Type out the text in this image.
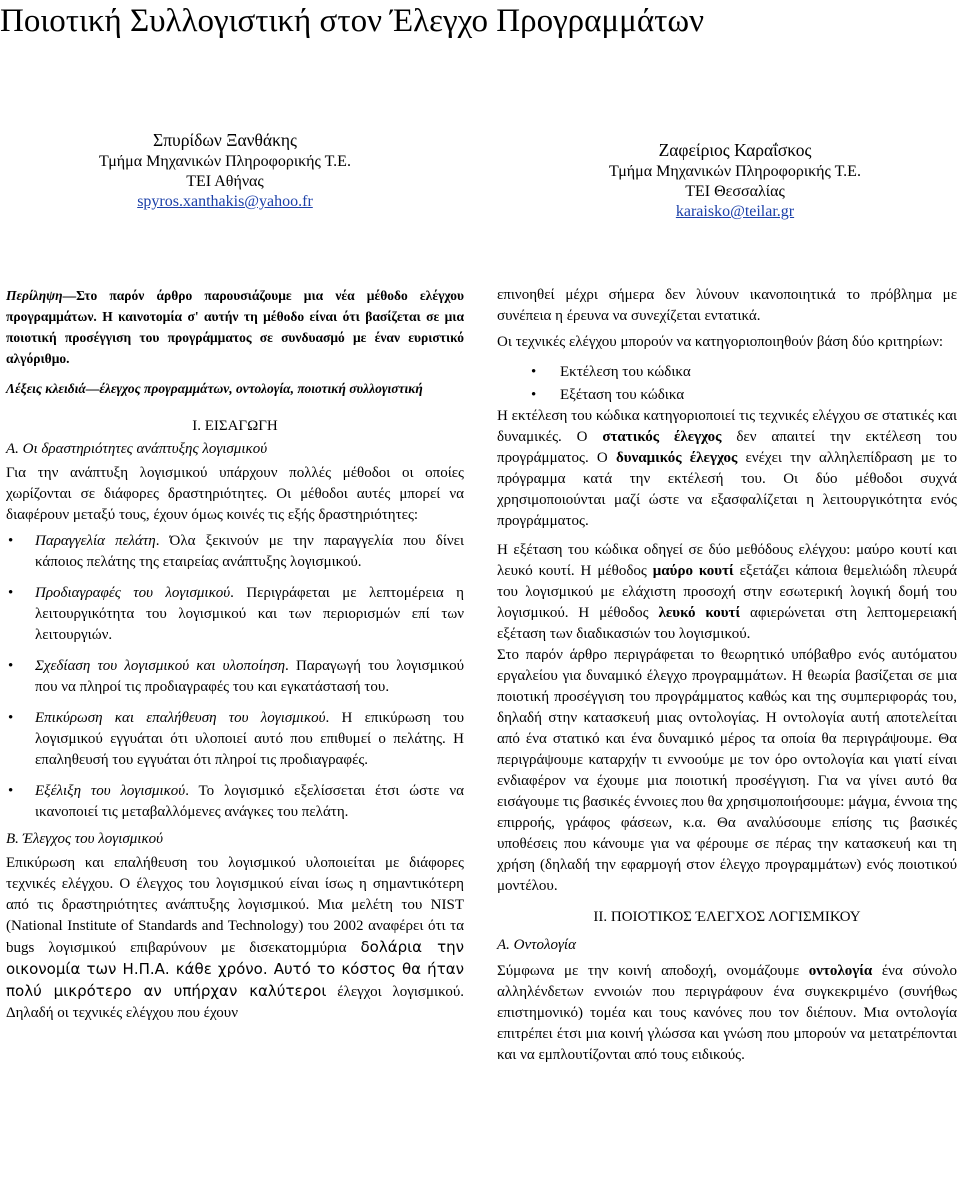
Ποιοτική Συλλογιστική στον Έλεγχο Προγραμμάτων
Σπυρίδων Ξανθάκης
Τμήμα Μηχανικών Πληροφορικής Τ.Ε.
ΤΕΙ Αθήνας
spyros.xanthakis@yahoo.fr
Ζαφείριος Καραΐσκος
Τμήμα Μηχανικών Πληροφορικής Τ.Ε.
ΤΕΙ Θεσσαλίας
karaisko@teilar.gr

Περίληψη—Στο παρόν άρθρο παρουσιάζουμε μια νέα μέθοδο ελέγχου προγραμμάτων. Η καινοτομία σ' αυτήν τη μέθοδο είναι ότι βασίζεται σε μια ποιοτική προσέγγιση του προγράμματος σε συνδυασμό με έναν ευριστικό αλγόριθμο.

Λέξεις κλειδιά—έλεγχος προγραμμάτων, οντολογία, ποιοτική συλλογιστική

I. ΕΙΣΑΓΩΓΗ

A. Οι δραστηριότητες ανάπτυξης λογισμικού

Για την ανάπτυξη λογισμικού υπάρχουν πολλές μέθοδοι οι οποίες χωρίζονται σε διάφορες δραστηριότητες. Οι μέθοδοι αυτές μπορεί να διαφέρουν μεταξύ τους, έχουν όμως κοινές τις εξής δραστηριότητες:

• Παραγγελία πελάτη. Όλα ξεκινούν με την παραγγελία που δίνει κάποιος πελάτης της εταιρείας ανάπτυξης λογισμικού.
• Προδιαγραφές του λογισμικού. Περιγράφεται με λεπτομέρεια η λειτουργικότητα του λογισμικού και των περιορισμών επί των λειτουργιών.
• Σχεδίαση του λογισμικού και υλοποίηση. Παραγωγή του λογισμικού που να πληροί τις προδιαγραφές του και εγκατάστασή του.
• Επικύρωση και επαλήθευση του λογισμικού. Η επικύρωση του λογισμικού εγγυάται ότι υλοποιεί αυτό που επιθυμεί ο πελάτης. Η επαληθευσή του εγγυάται ότι πληροί τις προδιαγραφές.
• Εξέλιξη του λογισμικού. Το λογισμικό εξελίσσεται έτσι ώστε να ικανοποιεί τις μεταβαλλόμενες ανάγκες του πελάτη.

B. Έλεγχος του λογισμικού

Επικύρωση και επαλήθευση του λογισμικού υλοποιείται με διάφορες τεχνικές ελέγχου. Ο έλεγχος του λογισμικού είναι ίσως η σημαντικότερη από τις δραστηριότητες ανάπτυξης λογισμικού. Μια μελέτη του NIST (National Institute of Standards and Technology) του 2002 αναφέρει ότι τα bugs λογισμικού επιβαρύνουν με δισεκατομμύρια δολάρια την οικονομία των Η.Π.Α. κάθε χρόνο. Αυτό το κόστος θα ήταν πολύ μικρότερο αν υπήρχαν καλύτεροι έλεγχοι λογισμικού. Δηλαδή οι τεχνικές ελέγχου που έχουν

επινοηθεί μέχρι σήμερα δεν λύνουν ικανοποιητικά το πρόβλημα με συνέπεια η έρευνα να συνεχίζεται εντατικά.

Οι τεχνικές ελέγχου μπορούν να κατηγοριοποιηθούν βάση δύο κριτηρίων:

• Εκτέλεση του κώδικα
• Εξέταση του κώδικα

Η εκτέλεση του κώδικα κατηγοριοποιεί τις τεχνικές ελέγχου σε στατικές και δυναμικές. Ο στατικός έλεγχος δεν απαιτεί την εκτέλεση του προγράμματος. Ο δυναμικός έλεγχος ενέχει την αλληλεπίδραση με το πρόγραμμα κατά την εκτέλεσή του. Οι δύο μέθοδοι συχνά χρησιμοποιούνται μαζί ώστε να εξασφαλίζεται η λειτουργικότητα ενός προγράμματος.

Η εξέταση του κώδικα οδηγεί σε δύο μεθόδους ελέγχου: μαύρο κουτί και λευκό κουτί. Η μέθοδος μαύρο κουτί εξετάζει κάποια θεμελιώδη πλευρά του λογισμικού με ελάχιστη προσοχή στην εσωτερική λογική δομή του λογισμικού. Η μέθοδος λευκό κουτί αφιερώνεται στη λεπτομερειακή εξέταση των διαδικασιών του λογισμικού.

Στο παρόν άρθρο περιγράφεται το θεωρητικό υπόβαθρο ενός αυτόματου εργαλείου για δυναμικό έλεγχο προγραμμάτων. Η θεωρία βασίζεται σε μια ποιοτική προσέγγιση του προγράμματος καθώς και της συμπεριφοράς του, δηλαδή στην κατασκευή μιας οντολογίας. Η οντολογία αυτή αποτελείται από ένα στατικό και ένα δυναμικό μέρος τα οποία θα περιγράψουμε. Θα περιγράψουμε καταρχήν τι εννοούμε με τον όρο οντολογία και γιατί είναι ενδιαφέρον να έχουμε μια ποιοτική προσέγγιση. Για να γίνει αυτό θα εισάγουμε τις βασικές έννοιες που θα χρησιμοποιήσουμε: μάγμα, έννοια της επιρροής, γράφος φάσεων, κ.α. Θα αναλύσουμε επίσης τις βασικές υποθέσεις που κάνουμε για να φέρουμε σε πέρας την κατασκευή και τη χρήση (δηλαδή την εφαρμογή στον έλεγχο προγραμμάτων) ενός ποιοτικού μοντέλου.

II. ΠΟΙΟΤΙΚΟΣ ΈΛΕΓΧΟΣ ΛΟΓΙΣΜΙΚΟΥ

A. Οντολογία

Σύμφωνα με την κοινή αποδοχή, ονομάζουμε οντολογία ένα σύνολο αλληλένδετων εννοιών που περιγράφουν ένα συγκεκριμένο (συνήθως επιστημονικό) τομέα και τους κανόνες που τον διέπουν. Μια οντολογία επιτρέπει έτσι μια κοινή γλώσσα και γνώση που μπορούν να μετατρέπονται και να εμπλουτίζονται από τους ειδικούς.
